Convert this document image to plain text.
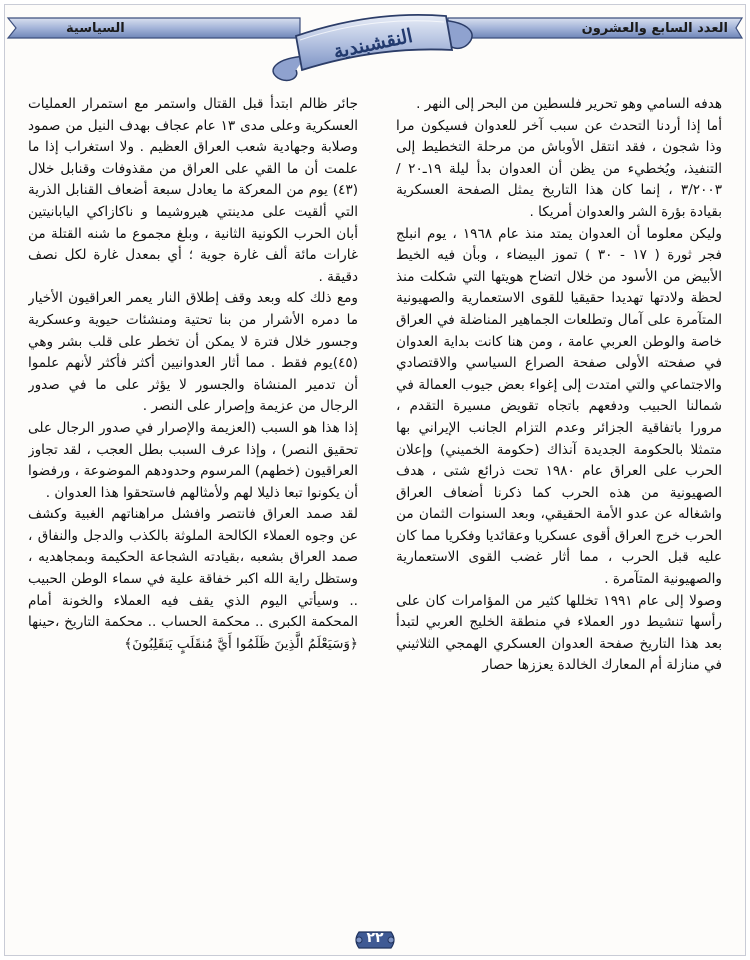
العدد السابع والعشرون
السياسية	النقشبندية

هدفه السامي وهو تحرير فلسطين من البحر إلى النهر .

أما إذا أردنا التحدث عن سبب آخر للعدوان فسيكون مرا وذا شجون ، فقد انتقل الأوباش من مرحلة التخطيط إلى التنفيذ، ويُخطيء من يظن أن العدوان بدأ ليلة ١٩ـ٢٠ /٣/٢٠٠٣ ، إنما كان هذا التاريخ يمثل الصفحة العسكرية بقيادة بؤرة الشر والعدوان أمريكا .

وليكن معلوما أن العدوان يمتد منذ عام ١٩٦٨ ، يوم انبلج فجر ثورة ( ١٧ - ٣٠ ) تموز البيضاء ، وبأن فيه الخيط الأبيض من الأسود من خلال اتضاح هويتها التي شكلت منذ لحظة ولادتها تهديدا حقيقيا للقوى الاستعمارية والصهيونية المتآمرة على آمال وتطلعات الجماهير المناضلة في العراق خاصة والوطن العربي عامة ، ومن هنا كانت بداية العدوان في صفحته الأولى صفحة الصراع السياسي والاقتصادي والاجتماعي والتي امتدت إلى إغواء بعض جيوب العمالة في شمالنا الحبيب ودفعهم باتجاه تقويض مسيرة التقدم ، مرورا باتفاقية الجزائر وعدم التزام الجانب الإيراني بها متمثلا بالحكومة الجديدة آنذاك (حكومة الخميني) وإعلان الحرب على العراق عام ١٩٨٠ تحت ذرائع شتى ، هدف الصهيونية من هذه الحرب كما ذكرنا أضعاف العراق واشغاله عن عدو الأمة الحقيقي، وبعد السنوات الثمان من الحرب خرج العراق أقوى عسكريا وعقائديا وفكريا مما كان عليه قبل الحرب ، مما أثار غضب القوى الاستعمارية والصهيونية المتآمرة .

وصولا إلى عام ١٩٩١ تخللها كثير من المؤامرات كان على رأسها تنشيط دور العملاء في منطقة الخليج العربي لتبدأ بعد هذا التاريخ صفحة العدوان العسكري الهمجي الثلاثيني في منازلة أم المعارك الخالدة يعززها حصار

جائر ظالم ابتدأ قبل القتال واستمر مع استمرار العمليات العسكرية وعلى مدى ١٣ عام عجاف بهدف النيل من صمود وصلابة وجهادية شعب العراق العظيم . ولا استغراب إذا ما علمت أن ما القي على العراق من مقذوفات وقنابل خلال (٤٣) يوم من المعركة ما يعادل سبعة أضعاف القنابل الذرية التي ألقيت على مدينتي هيروشيما و ناكازاكي اليابانيتين أبان الحرب الكونية الثانية ، وبلغ مجموع ما شنه القتلة من غارات مائة ألف غارة جوية ؛ أي بمعدل غارة لكل نصف دقيقة .

ومع ذلك كله وبعد وقف إطلاق النار يعمر العراقيون الأخيار ما دمره الأشرار من بنا تحتية ومنشئات حيوية وعسكرية وجسور خلال فترة لا يمكن أن تخطر على قلب بشر وهي (٤٥)يوم فقط . مما أثار العدوانيين أكثر فأكثر لأنهم علموا أن تدمير المنشاة والجسور لا يؤثر على ما في صدور الرجال من عزيمة وإصرار على النصر .

إذا هذا هو السبب (العزيمة والإصرار في صدور الرجال على تحقيق النصر) ، وإذا عرف السبب بطل العجب ، لقد تجاوز العراقيون (خطهم) المرسوم وحدودهم الموضوعة ، ورفضوا أن يكونوا تبعا ذليلا لهم ولأمثالهم فاستحقوا هذا العدوان .

لقد صمد العراق فانتصر وافشل مراهناتهم الغبية وكشف عن وجوه العملاء الكالحة الملوثة بالكذب والدجل والنفاق ، صمد العراق بشعبه ،بقيادته الشجاعة الحكيمة وبمجاهديه ، وستظل راية الله اكبر خفاقة علية في سماء الوطن الحبيب .. وسيأتي اليوم الذي يقف فيه العملاء والخونة أمام المحكمة الكبرى .. محكمة الحساب .. محكمة التاريخ ،حينها ﴿وَسَيَعْلَمُ الَّذِينَ ظَلَمُوا أَيَّ مُنقَلَبٍ يَنقَلِبُونَ﴾

٢٢
